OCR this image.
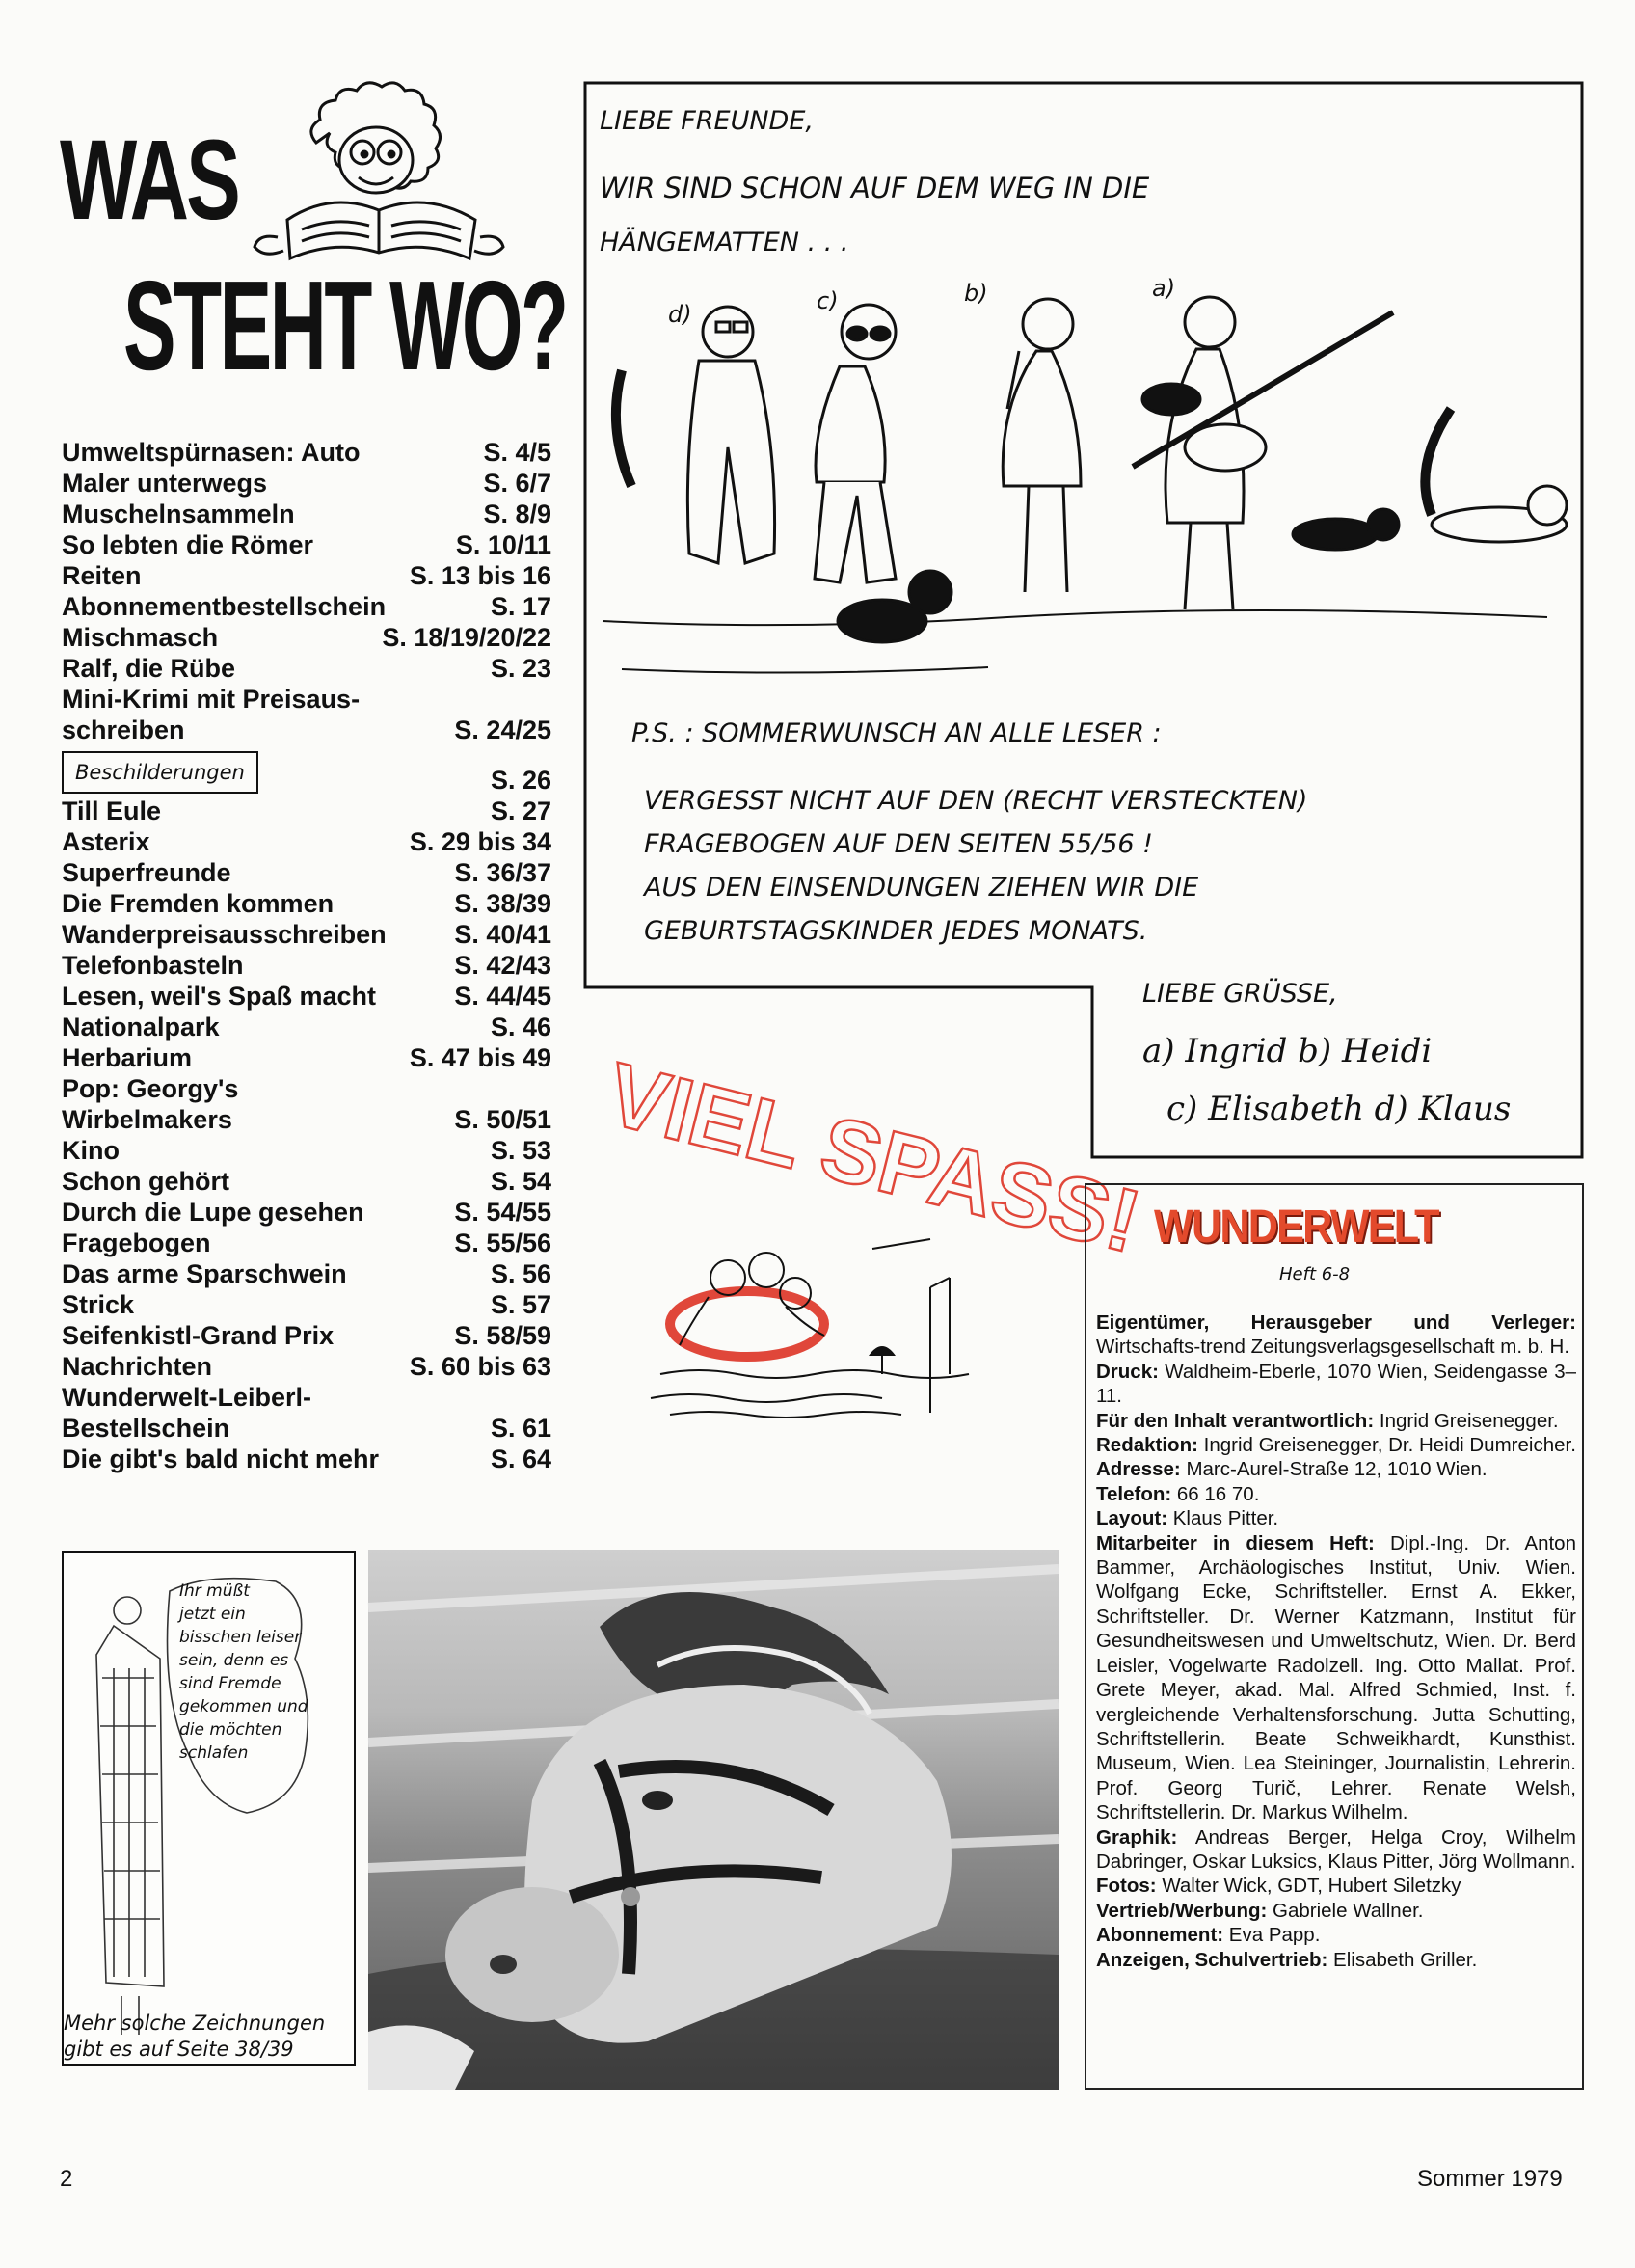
WAS
STEHT WO?
Umweltspürnasen: Auto	S. 4/5
Maler unterwegs	S. 6/7
Muschelnsammeln	S. 8/9
So lebten die Römer	S. 10/11
Reiten	S. 13 bis 16
Abonnementbestellschein	S. 17
Mischmasch	S. 18/19/20/22
Ralf, die Rübe	S. 23
Mini-Krimi mit Preisaus-
schreiben	S. 24/25
Beschilderungen	S. 26
Till Eule	S. 27
Asterix	S. 29 bis 34
Superfreunde	S. 36/37
Die Fremden kommen	S. 38/39
Wanderpreisausschreiben	S. 40/41
Telefonbasteln	S. 42/43
Lesen, weil's Spaß macht	S. 44/45
Nationalpark	S. 46
Herbarium	S. 47 bis 49
Pop: Georgy's
Wirbelmakers	S. 50/51
Kino	S. 53
Schon gehört	S. 54
Durch die Lupe gesehen	S. 54/55
Fragebogen	S. 55/56
Das arme Sparschwein	S. 56
Strick	S. 57
Seifenkistl-Grand Prix	S. 58/59
Nachrichten	S. 60 bis 63
Wunderwelt-Leiberl-
Bestellschein	S. 61
Die gibt's bald nicht mehr	S. 64
LIEBE FREUNDE,
WIR SIND SCHON AUF DEM WEG IN DIE
HÄNGEMATTEN . . .
a)
b)
c)
d)
P.S. : SOMMERWUNSCH AN ALLE LESER :
VERGESST NICHT AUF DEN (RECHT VERSTECKTEN)
FRAGEBOGEN AUF DEN SEITEN 55/56 !
AUS DEN EINSENDUNGEN ZIEHEN WIR DIE
GEBURTSTAGSKINDER JEDES MONATS.
LIEBE GRÜSSE,
a) Ingrid b) Heidi
c) Elisabeth d) Klaus
VIEL SPASS!
Ihr müßt
jetzt ein
bisschen leiser
sein, denn es
sind Fremde
gekommen und
die möchten
schlafen
Mehr solche Zeichnungen
gibt es auf Seite 38/39
WUNDERWELT
Heft 6-8

Eigentümer, Herausgeber und Verleger: Wirtschafts-trend Zeitungsverlagsgesellschaft m. b. H.

Druck: Waldheim-Eberle, 1070 Wien, Seidengasse 3–11.

Für den Inhalt verantwortlich: Ingrid Greisenegger.

Redaktion: Ingrid Greisenegger, Dr. Heidi Dumreicher.

Adresse: Marc-Aurel-Straße 12, 1010 Wien.

Telefon: 66 16 70.

Layout: Klaus Pitter.

Mitarbeiter in diesem Heft: Dipl.-Ing. Dr. Anton Bammer, Archäologisches Institut, Univ. Wien. Wolfgang Ecke, Schriftsteller. Ernst A. Ekker, Schriftsteller. Dr. Werner Katzmann, Institut für Gesundheitswesen und Umweltschutz, Wien. Dr. Berd Leisler, Vogelwarte Radolzell. Ing. Otto Mallat. Prof. Grete Meyer, akad. Mal. Alfred Schmied, Inst. f. vergleichende Verhaltensforschung. Jutta Schutting, Schriftstellerin. Beate Schweikhardt, Kunsthist. Museum, Wien. Lea Steininger, Journalistin, Lehrerin. Prof. Georg Turič, Lehrer. Renate Welsh, Schriftstellerin. Dr. Markus Wilhelm.

Graphik: Andreas Berger, Helga Croy, Wilhelm Dabringer, Oskar Luksics, Klaus Pitter, Jörg Wollmann.

Fotos: Walter Wick, GDT, Hubert Siletzky

Vertrieb/Werbung: Gabriele Wallner.

Abonnement: Eva Papp.

Anzeigen, Schulvertrieb: Elisabeth Griller.

2	Sommer 1979
